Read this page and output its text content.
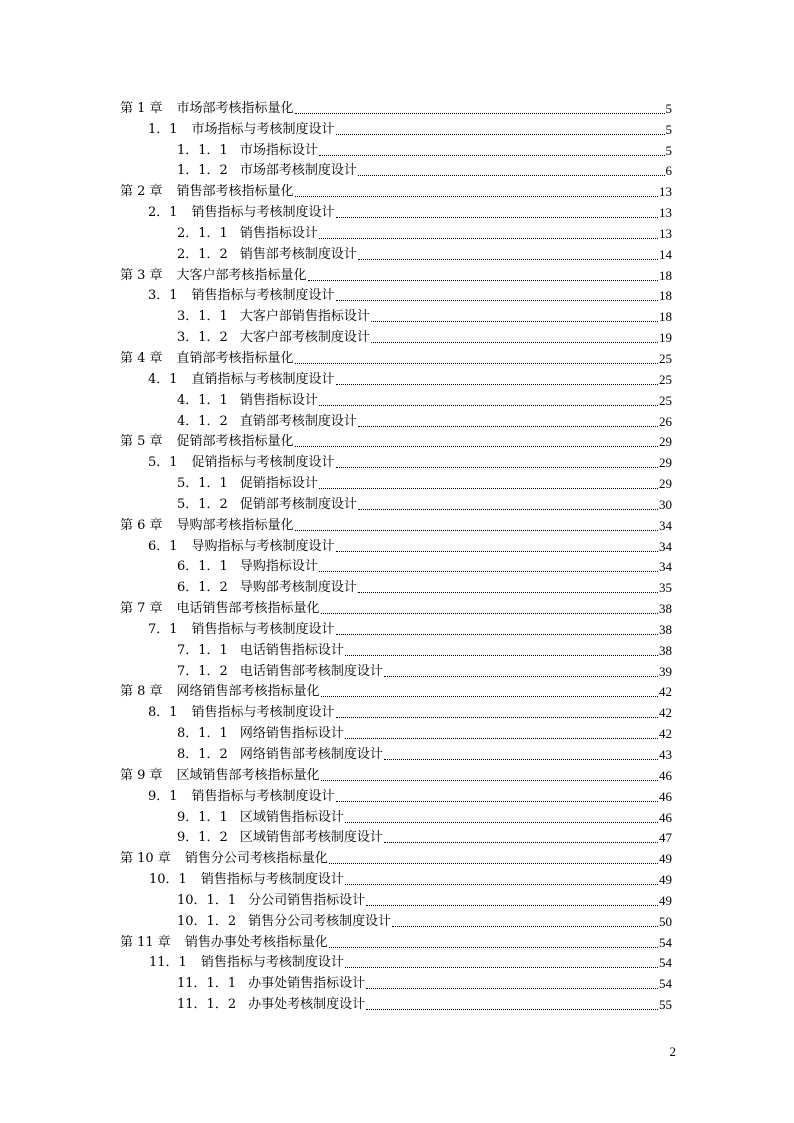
第 1 章 市场部考核指标量化	5
1．1 市场指标与考核制度设计	5
1．1．1 市场指标设计	5
1．1．2 市场部考核制度设计	6
第 2 章 销售部考核指标量化	13
2．1 销售指标与考核制度设计	13
2．1．1 销售指标设计	13
2．1．2 销售部考核制度设计	14
第 3 章 大客户部考核指标量化	18
3．1 销售指标与考核制度设计	18
3．1．1 大客户部销售指标设计	18
3．1．2 大客户部考核制度设计	19
第 4 章 直销部考核指标量化	25
4．1 直销指标与考核制度设计	25
4．1．1 销售指标设计	25
4．1．2 直销部考核制度设计	26
第 5 章 促销部考核指标量化	29
5．1 促销指标与考核制度设计	29
5．1．1 促销指标设计	29
5．1．2 促销部考核制度设计	30
第 6 章 导购部考核指标量化	34
6．1 导购指标与考核制度设计	34
6．1．1 导购指标设计	34
6．1．2 导购部考核制度设计	35
第 7 章 电话销售部考核指标量化	38
7．1 销售指标与考核制度设计	38
7．1．1 电话销售指标设计	38
7．1．2 电话销售部考核制度设计	39
第 8 章 网络销售部考核指标量化	42
8．1 销售指标与考核制度设计	42
8．1．1 网络销售指标设计	42
8．1．2 网络销售部考核制度设计	43
第 9 章 区域销售部考核指标量化	46
9．1 销售指标与考核制度设计	46
9．1．1 区域销售指标设计	46
9．1．2 区域销售部考核制度设计	47
第 10 章 销售分公司考核指标量化	49
10．1 销售指标与考核制度设计	49
10．1．1 分公司销售指标设计	49
10．1．2 销售分公司考核制度设计	50
第 11 章 销售办事处考核指标量化	54
11．1 销售指标与考核制度设计	54
11．1．1 办事处销售指标设计	54
11．1．2 办事处考核制度设计	55
2
